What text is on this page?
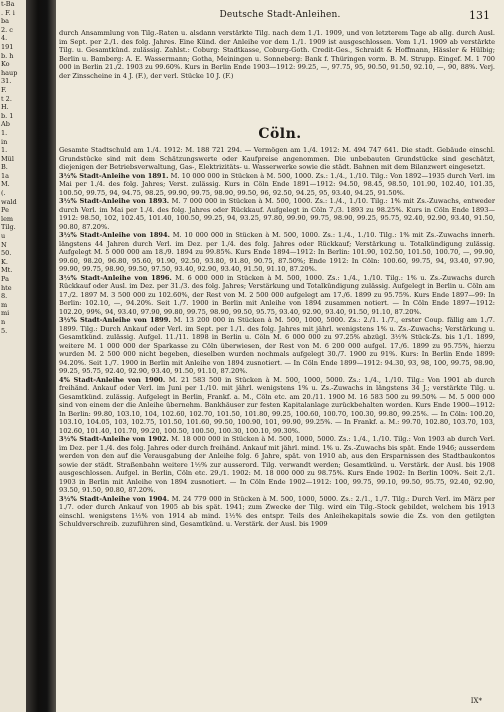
t-Ba
. F. i
ba
2. c
4.
191
b. h
Ko
haup
31.
F.
t 2.
H.
b. 1
Ab
1.
in
1.
Mül
B.
1a
M.
(.
wald
Pe
lem
Tilg.
u
N
50.
K.
Mt.
Pa
hte
8.
m
mi
n
5.
Deutsche Stadt-Anleihen.	131
durch Ansammlung von Tilg.-Raten u. alsdann verstärkte Tilg. nach dem 1./1. 1909, und von letzterem Tage ab allg. durch Ausl. im Sept. per 2./1. des folg. Jahres. Eine Künd. der Anleihe vor dem 1./1. 1909 ist ausgeschlossen. Vom 1./1. 1909 ab verstärkte Tilg. u. Gesamtkünd. zulässig. Zahlst.: Coburg: Stadtkasse, Coburg-Goth. Credit-Ges., Schraidt & Hoffmann, Hässler & Hülbig; Berlin u. Bamberg: A. E. Wassermann; Gotha, Meiningen u. Sonneberg: Bank f. Thüringen vorm. B. M. Strupp. Eingef. M. 1 700 000 in Berlin 21./2. 1903 zu 99.60%. Kurs in Berlin Ende 1903—1912: 99.25, —, 97.75, 95, 90.50, 91.50, 92.10, —, 90, 88%. Verj. der Zinsscheine in 4 J. (F.), der verl. Stücke 10 J. (F.)
Cöln.

Gesamte Stadtschuld am 1./4. 1912: M. 188 721 294. — Vermögen am 1./4. 1912: M. 494 747 641. Die stadt. Gebäude einschl. Grundstücke sind mit dem Schätzungswerte oder Kaufpreise angenommen. Die unbebauten Grundstücke sind geschätzt, diejenigen der Betriebsverwaltung, Gas-, Elektrizitäts- u. Wasserwerke sowie die städt. Bahnen mit dem Bilanzwert eingesetzt.

3½% Stadt-Anleihe von 1891. M. 10 000 000 in Stücken à M. 500, 1000. Zs.: 1./4., 1./10. Tilg.: Von 1892—1935 durch Verl. im Mai per 1./4. des folg. Jahres; Verst. zulässig. Kurs in Cöln Ende 1891—1912: 94.50, 98.45, 98.50, 101.90, 102.40, 101.35, 100.50, 99.75, 94, 94.75, 98.25, 99.90, 99.75, 98.90, 99.50, 96, 92.50, 94.25, 95, 93.40, 94.25, 91.50%.

3½% Stadt-Anleihe von 1893. M. 7 000 000 in Stücken à M. 500, 1000. Zs.: 1./4., 1./10. Tilg.: 1% mit Zs.-Zuwachs, entweder durch Verl. im Mai per 1./4. des folg. Jahres oder Rückkauf. Aufgelegt in Cöln 7./3. 1893 zu 98.25%. Kurs in Cöln Ende 1893—1912: 98.50, 102, 102.45, 101.40, 100.50, 99.25, 94, 93.25, 97.80, 99.90, 99.75, 98.90, 99.25, 95.75, 92.40, 92.90, 93.40, 91.50, 90.80, 87.20%.

3½% Stadt-Anleihe von 1894. M. 10 000 000 in Stücken à M. 500, 1000. Zs.: 1./4., 1./10. Tilg.: 1% mit Zs.-Zuwachs innerh. längstens 44 Jahren durch Verl. im Dez. per 1./4. des folg. Jahres oder Rückkauf; Verstärkung u. Totalkündigung zulässig. Aufgelegt M. 5 000 000 am 18./9. 1894 zu 99.85%. Kurs Ende 1894—1912: In Berlin: 101.90, 102.50, 101.50, 100.70, —, 99.90, 99.60, 98.20, 96.80, 95.60, 91.90, 92.50, 93.80, 91.80, 90.75, 87.50%; Ende 1912: In Cöln: 100.60, 99.75, 94, 93.40, 97.90, 99.90, 99.75, 98.90, 99.50, 97.50, 93.40, 92.90, 93.40, 91.50, 91.10, 87.20%.

3½% Stadt-Anleihe von 1896. M. 6 000 000 in Stücken à M. 500, 1000. Zs.: 1./4., 1./10. Tilg.: 1% u. Zs.-Zuwachs durch Rückkauf oder Ausl. im Dez. per 31./3. des folg. Jahres; Verstärkung und Totalkündigung zulässig. Aufgelegt in Berlin u. Cöln am 17./2. 1897 M. 3 500 000 zu 102.60%, der Rest von M. 2 500 000 aufgelegt am 17./6. 1899 zu 95.75%. Kurs Ende 1897—99: In Berlin: 102.10, —, 94.20%. Seit 1./7. 1900 in Berlin mit Anleihe von 1894 zusammen notiert. — In Cöln Ende 1897—1912: 102.20, 99%, 94, 93.40, 97.90, 99.80, 99.75, 98.90, 99.50, 95.75, 93.40, 92.90, 93.40, 91.50, 91.10, 87.20%.

3½% Stadt-Anleihe von 1899. M. 13 200 000 in Stücken à M. 500, 1000, 5000. Zs.: 2./1. 1./7., erster Coup. fällig am 1./7. 1899. Tilg.: Durch Ankauf oder Verl. im Sept. per 1./1. des folg. Jahres mit jährl. wenigstens 1% u. Zs.-Zuwachs; Verstärkung u. Gesamtkünd. zulässig. Aufgel. 11./11. 1898 in Berlin u. Cöln M. 6 000 000 zu 97.25% abzügl. 3½% Stück-Zs. bis 1./1. 1899, weitere M. 1 000 000 der Sparkasse zu Cöln überwiesen, der Rest von M. 6 200 000 aufgel. 17./6. 1899 zu 95.75%, hierzu wurden M. 2 500 000 nicht begeben, dieselben wurden nochmals aufgelegt 30./7. 1900 zu 91%. Kurs: In Berlin Ende 1899: 94.20%. Seit 1./7. 1900 in Berlin mit Anleihe von 1894 zusnotiert. — In Cöln Ende 1899—1912: 94.30, 93, 98, 100, 99.75, 98.90, 99.25, 95.75, 92.40, 92.90, 93.40, 91.50, 91.10, 87.20%.

4% Stadt-Anleihe von 1900. M. 21 583 500 in Stücken à M. 500, 1000, 5000. Zs.: 1./4., 1./10. Tilg.: Von 1901 ab durch freihänd. Ankauf oder Verl. im Juni per 1./10. mit jährl. wenigstens 1% u. Zs.-Zuwachs in längstens 34 J.; verstärkte Tilg. u. Gesamtkünd. zulässig. Aufgelegt in Berlin, Frankf. a. M., Cöln etc. am 20./11. 1900 M. 16 583 500 zu 99.50% — M. 5 000 000 sind von einem der die Anleihe übernehm. Bankhäuser zur festen Kapitalanlage zurückbehalten worden. Kurs Ende 1900—1912: In Berlin: 99.80, 103.10, 104, 102.60, 102.70, 101.50, 101.80, 99.25, 100.60, 100.70, 100.30, 99.80, 99.25%. — In Cöln: 100.20, 103.10, 104.05, 103, 102.75, 101.50, 101.60, 99.50, 100.90, 101, 99.90, 99.25%. — In Frankf. a. M.: 99.70, 102.80, 103.70, 103, 102.60, 101.40, 101.70, 99.20, 100.50, 100.50, 100.30, 100.10, 99.30%.

3½% Stadt-Anleihe von 1902. M. 18 000 000 in Stücken à M. 500, 1000, 5000. Zs.: 1./4., 1./10. Tilg.: Von 1903 ab durch Verl. im Dez. per 1./4. des folg. Jahres oder durch freihänd. Ankauf mit jährl. mind. 1% u. Zs.-Zuwachs bis spät. Ende 1946; ausserdem werden von den auf die Verausgabung der Anleihe folg. 6 Jahre, spät. von 1910 ab, aus den Ersparnissen des Stadtbaukontos sowie der städt. Straßenbahn weitere 1½% zur ausserord. Tilg. verwandt werden; Gesamtkünd. u. Verstärk. der Ausl. bis 1908 ausgeschlossen. Aufgel. in Berlin, Cöln etc. 29./1. 1902: M. 18 000 000 zu 98.75%. Kurs Ende 1902: In Berlin 100%. Seit 2./1. 1903 in Berlin mit Anleihe von 1894 zusnotiert. — In Cöln Ende 1902—1912: 100, 99.75, 99.10, 99.50, 95.75, 92.40, 92.90, 93.50, 91.50, 90.80, 87.20%.

3½% Stadt-Anleihe von 1904. M. 24 779 000 in Stücken à M. 500, 1000, 5000. Zs.: 2./1., 1./7. Tilg.: Durch Verl. im März per 1./7. oder durch Ankauf von 1905 ab bis spät. 1941; zum Zwecke der Tilg. wird ein Tilg.-Stock gebildet, welchem bis 1913 einschl. wenigstens 1½% von 1914 ab mind. 1½% des entspr. Teils des Anleihekapitals sowie die Zs. von den getilgten Schuldverschreib. zuzuführen sind, Gesamtkünd. u. Verstärk. der Ausl. bis 1909

IX*
